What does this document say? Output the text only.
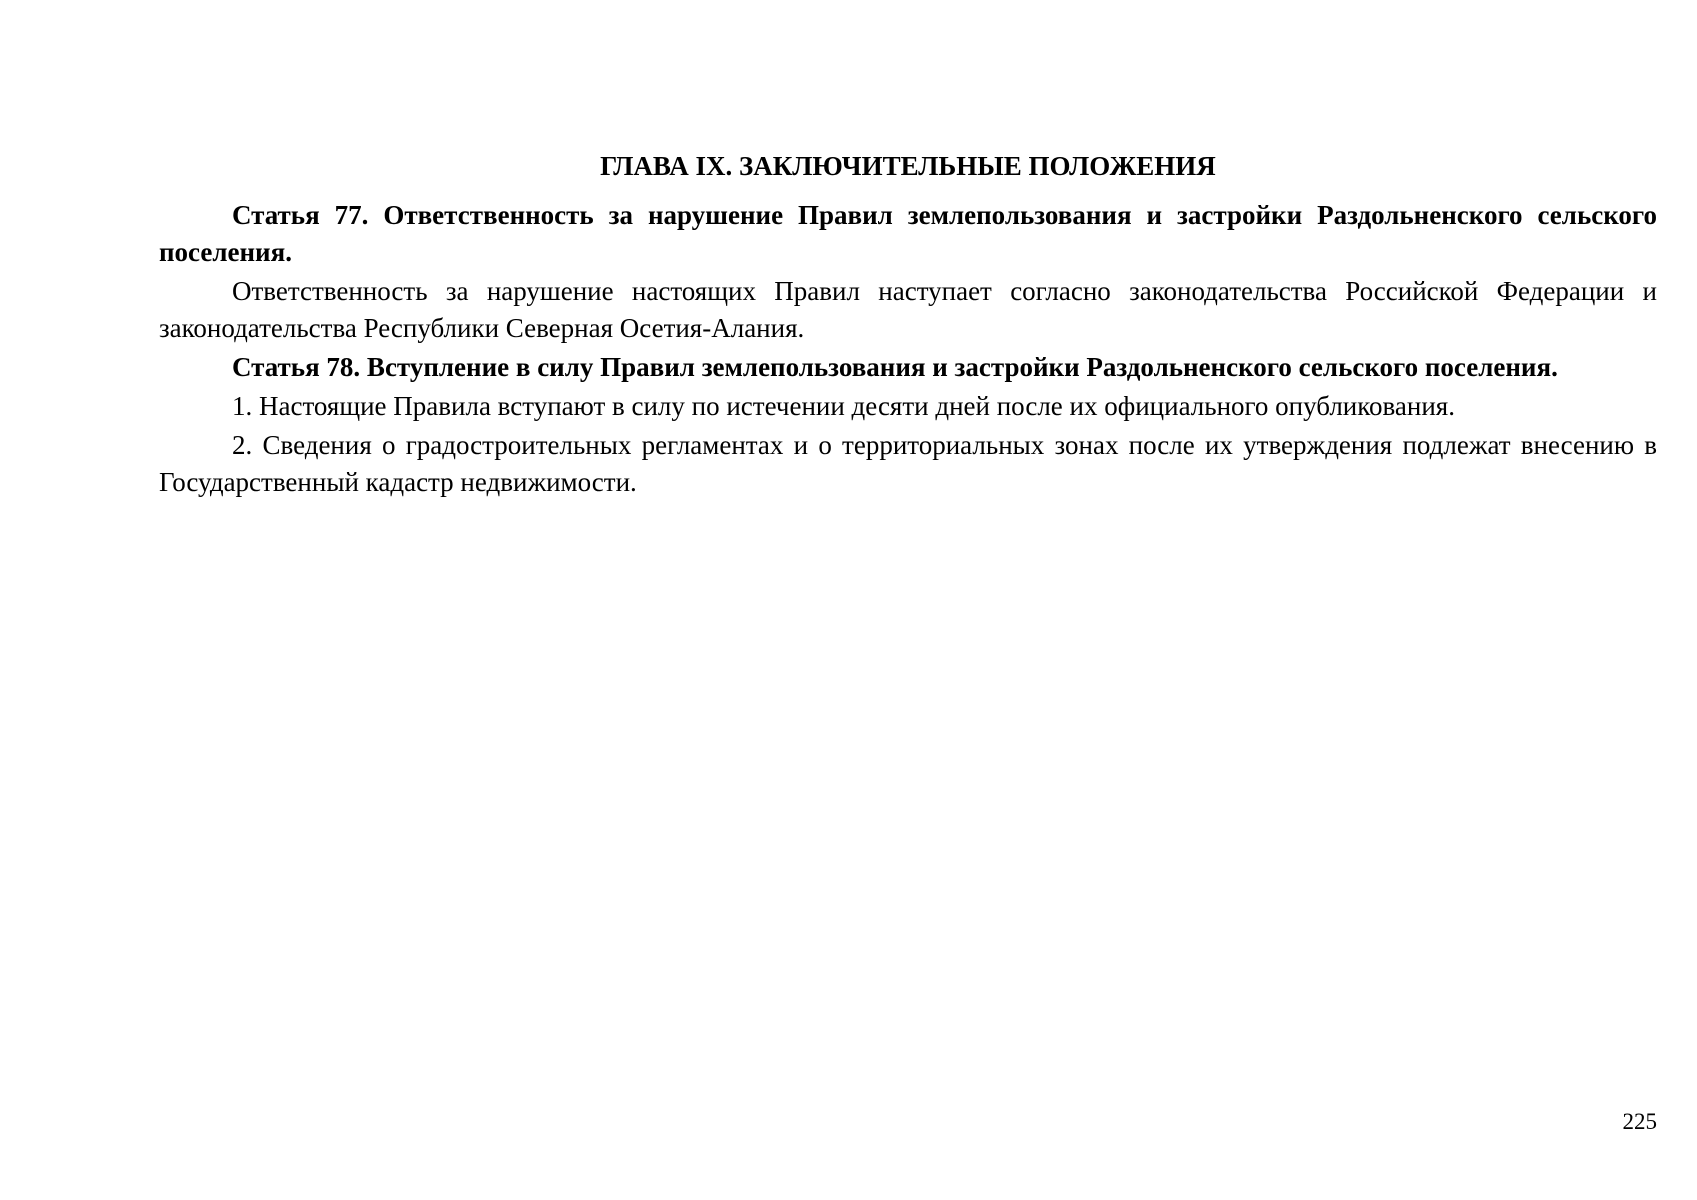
ГЛАВА IX. ЗАКЛЮЧИТЕЛЬНЫЕ ПОЛОЖЕНИЯ
Статья 77. Ответственность за нарушение Правил землепользования и застройки Раздольненского сельского поселения.
Ответственность за нарушение настоящих Правил наступает согласно законодательства Российской Федерации и законодательства Республики Северная Осетия-Алания.
Статья 78. Вступление в силу Правил землепользования и застройки Раздольненского сельского поселения.
1. Настоящие Правила вступают в силу по истечении десяти дней после их официального опубликования.
2. Сведения о градостроительных регламентах и о территориальных зонах после их утверждения подлежат внесению в Государственный кадастр недвижимости.
225
